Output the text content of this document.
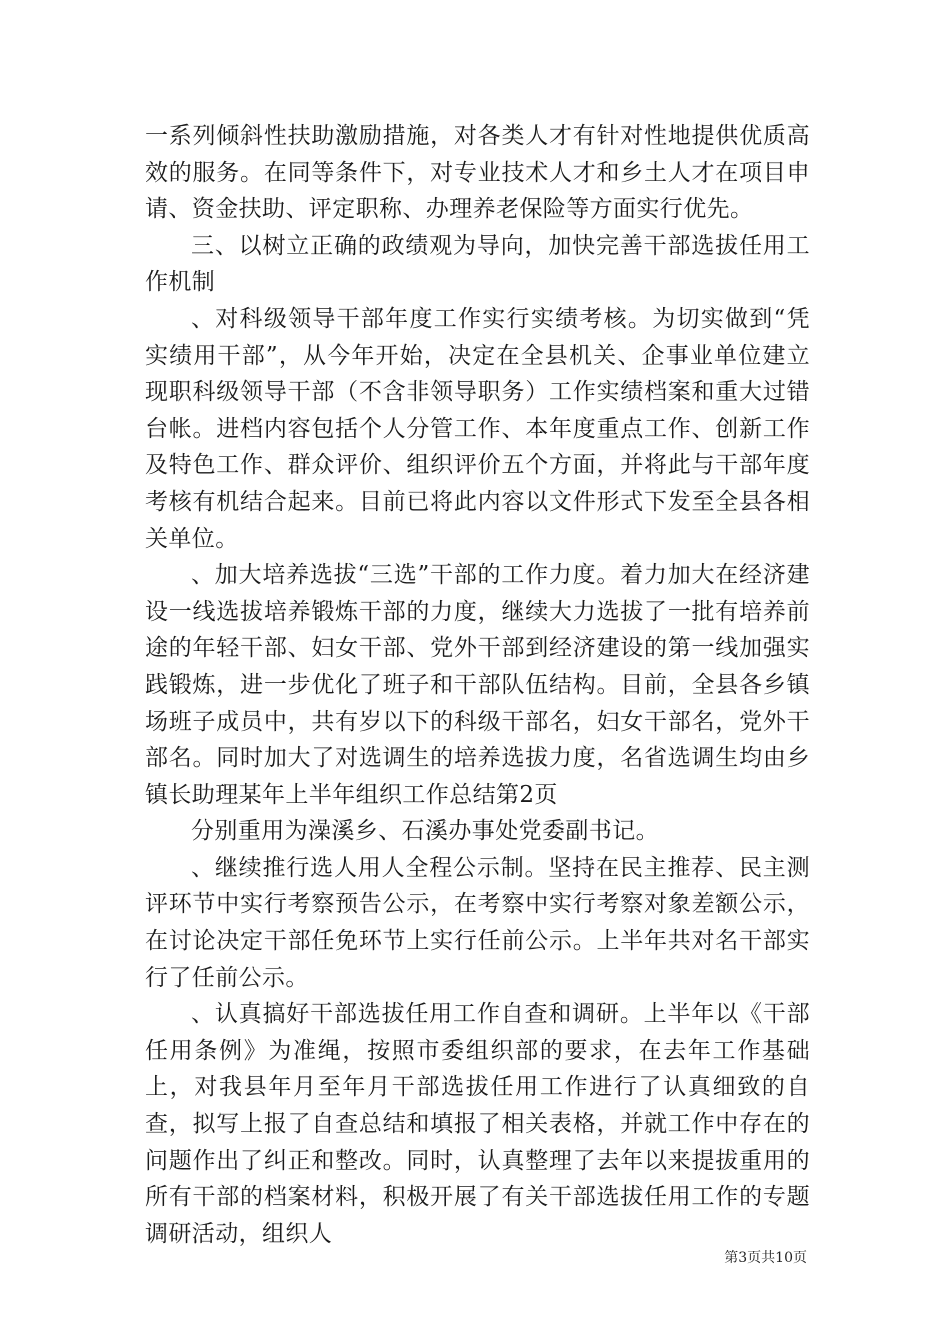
一系列倾斜性扶助激励措施，对各类人才有针对性地提供优质高效的服务。在同等条件下，对专业技术人才和乡土人才在项目申请、资金扶助、评定职称、办理养老保险等方面实行优先。

三、以树立正确的政绩观为导向，加快完善干部选拔任用工作机制

、对科级领导干部年度工作实行实绩考核。为切实做到“凭实绩用干部”，从今年开始，决定在全县机关、企事业单位建立现职科级领导干部（不含非领导职务）工作实绩档案和重大过错台帐。进档内容包括个人分管工作、本年度重点工作、创新工作及特色工作、群众评价、组织评价五个方面，并将此与干部年度考核有机结合起来。目前已将此内容以文件形式下发至全县各相关单位。

、加大培养选拔“三选”干部的工作力度。着力加大在经济建设一线选拔培养锻炼干部的力度，继续大力选拔了一批有培养前途的年轻干部、妇女干部、党外干部到经济建设的第一线加强实践锻炼，进一步优化了班子和干部队伍结构。目前，全县各乡镇场班子成员中，共有岁以下的科级干部名，妇女干部名，党外干部名。同时加大了对选调生的培养选拔力度，名省选调生均由乡镇长助理某年上半年组织工作总结第2页

分别重用为澡溪乡、石溪办事处党委副书记。

、继续推行选人用人全程公示制。坚持在民主推荐、民主测评环节中实行考察预告公示，在考察中实行考察对象差额公示，在讨论决定干部任免环节上实行任前公示。上半年共对名干部实行了任前公示。

、认真搞好干部选拔任用工作自查和调研。上半年以《干部任用条例》为准绳，按照市委组织部的要求，在去年工作基础上，对我县年月至年月干部选拔任用工作进行了认真细致的自查，拟写上报了自查总结和填报了相关表格，并就工作中存在的问题作出了纠正和整改。同时，认真整理了去年以来提拔重用的所有干部的档案材料，积极开展了有关干部选拔任用工作的专题调研活动，组织人

第3页共10页
